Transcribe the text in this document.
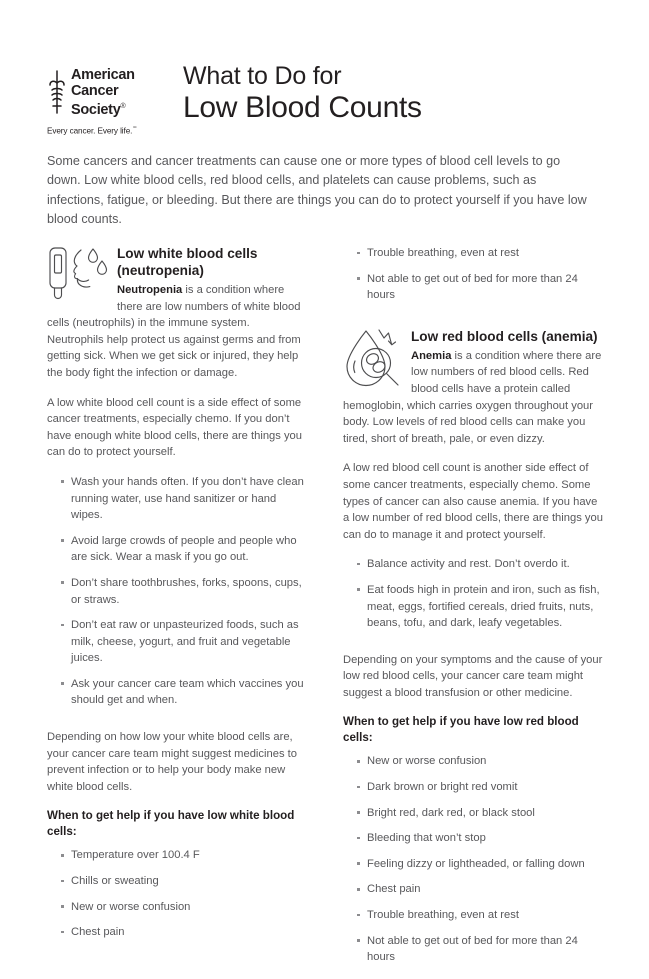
American
Cancer
Society®
Every cancer. Every life.℠
What to Do for
Low Blood Counts
Some cancers and cancer treatments can cause one or more types of blood cell levels to go down. Low white blood cells, red blood cells, and platelets can cause problems, such as infections, fatigue, or bleeding. But there are things you can do to protect yourself if you have low blood counts.
Low white blood cells
(neutropenia)

Neutropenia is a condition where there are low numbers of white blood cells (neutrophils) in the immune system. Neutrophils help protect us against germs and from getting sick. When we get sick or injured, they help the body fight the infection or damage.

A low white blood cell count is a side effect of some cancer treatments, especially chemo. If you don’t have enough white blood cells, there are things you can do to protect yourself.

Wash your hands often. If you don’t have clean running water, use hand sanitizer or hand wipes.
Avoid large crowds of people and people who are sick. Wear a mask if you go out.
Don’t share toothbrushes, forks, spoons, cups, or straws.
Don’t eat raw or unpasteurized foods, such as milk, cheese, yogurt, and fruit and vegetable juices.
Ask your cancer care team which vaccines you should get and when.

Depending on how low your white blood cells are, your cancer care team might suggest medicines to prevent infection or to help your body make new white blood cells.

When to get help if you have low white blood cells:
Temperature over 100.4 F
Chills or sweating
New or worse confusion
Chest pain
Trouble breathing, even at rest
Not able to get out of bed for more than 24 hours
Low red blood cells (anemia)

Anemia is a condition where there are low numbers of red blood cells. Red blood cells have a protein called hemoglobin, which carries oxygen throughout your body. Low levels of red blood cells can make you tired, short of breath, pale, or even dizzy.

A low red blood cell count is another side effect of some cancer treatments, especially chemo. Some types of cancer can also cause anemia. If you have a low number of red blood cells, there are things you can do to manage it and protect yourself.

Balance activity and rest. Don’t overdo it.
Eat foods high in protein and iron, such as fish, meat, eggs, fortified cereals, dried fruits, nuts, beans, tofu, and dark, leafy vegetables.

Depending on your symptoms and the cause of your low red blood cells, your cancer care team might suggest a blood transfusion or other medicine.

When to get help if you have low red blood cells:
New or worse confusion
Dark brown or bright red vomit
Bright red, dark red, or black stool
Bleeding that won’t stop
Feeling dizzy or lightheaded, or falling down
Chest pain
Trouble breathing, even at rest
Not able to get out of bed for more than 24 hours
